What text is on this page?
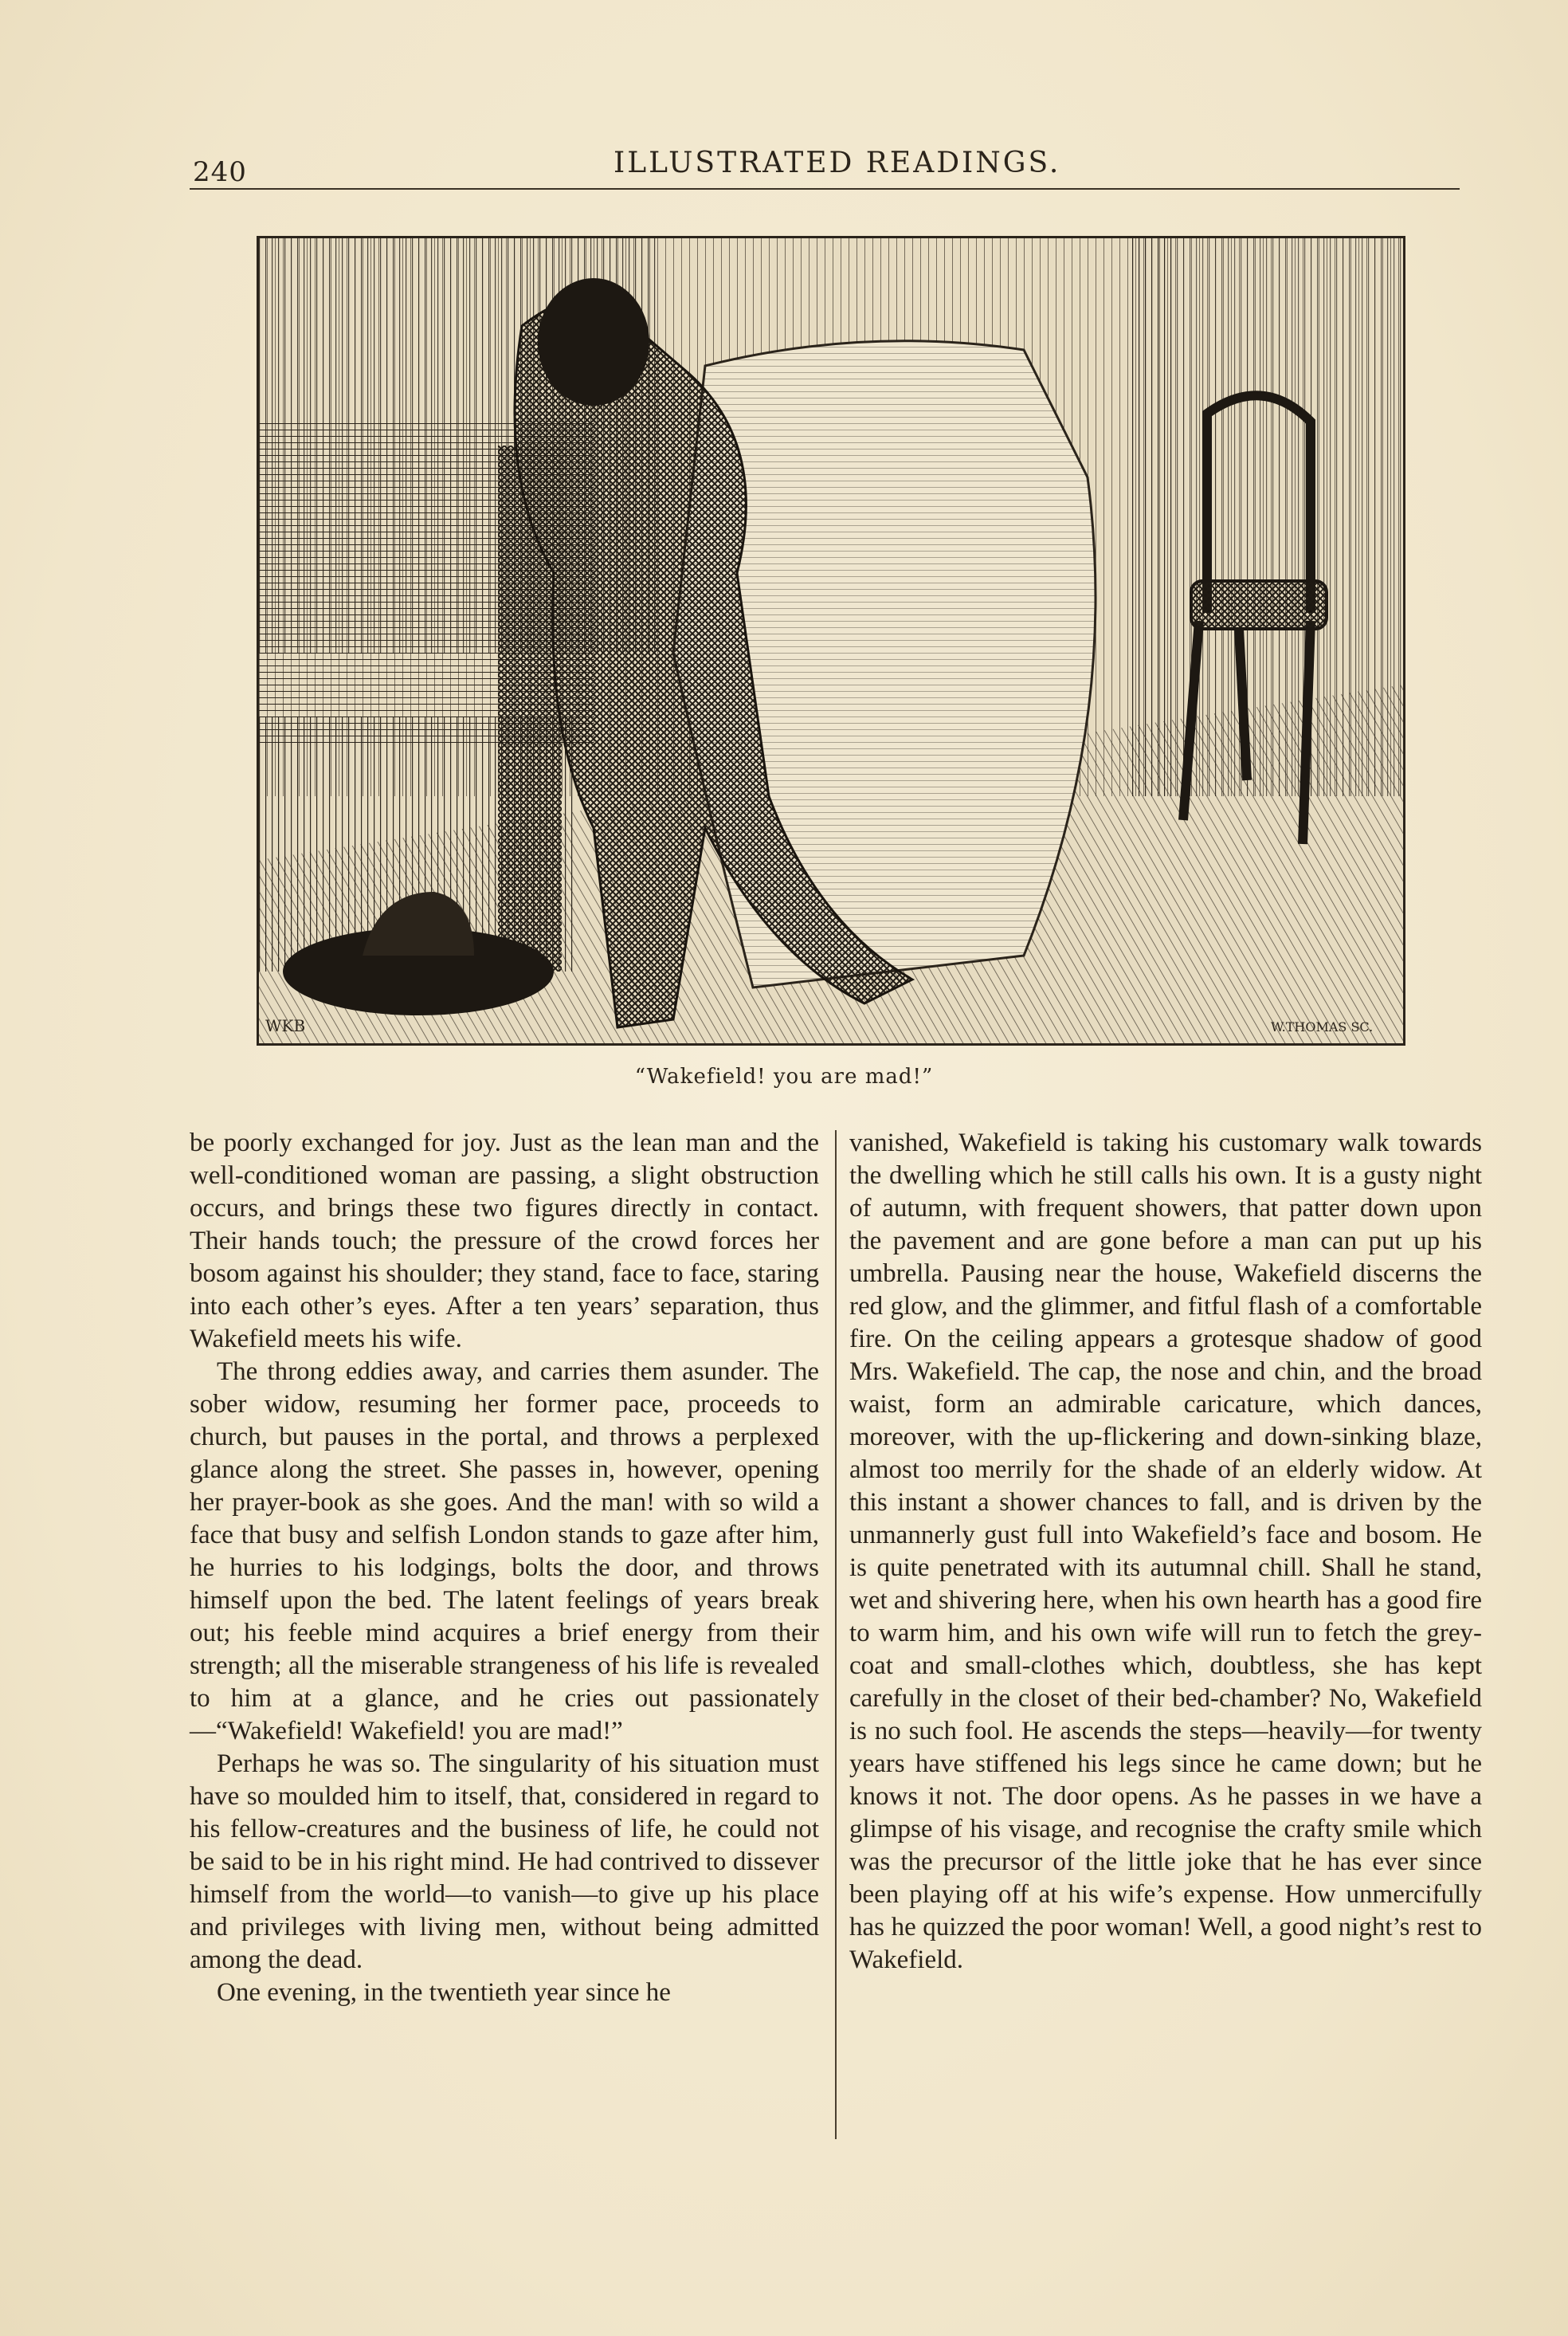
240	ILLUSTRATED READINGS.
WKB	W.THOMAS SC.
“Wakefield! you are mad!”

be poorly exchanged for joy. Just as the lean man and the well-conditioned woman are passing, a slight obstruction occurs, and brings these two figures directly in contact. Their hands touch; the pressure of the crowd forces her bosom against his shoulder; they stand, face to face, staring into each other’s eyes. After a ten years’ separation, thus Wakefield meets his wife.

The throng eddies away, and carries them asunder. The sober widow, resuming her former pace, proceeds to church, but pauses in the portal, and throws a perplexed glance along the street. She passes in, however, opening her prayer-book as she goes. And the man! with so wild a face that busy and selfish London stands to gaze after him, he hurries to his lodgings, bolts the door, and throws himself upon the bed. The latent feelings of years break out; his feeble mind acquires a brief energy from their strength; all the miserable strangeness of his life is revealed to him at a glance, and he cries out passionately—“Wakefield! Wakefield! you are mad!”

Perhaps he was so. The singularity of his situation must have so moulded him to itself, that, considered in regard to his fellow-creatures and the business of life, he could not be said to be in his right mind. He had contrived to dissever himself from the world—to vanish—to give up his place and privileges with living men, without being admitted among the dead.

One evening, in the twentieth year since he

vanished, Wakefield is taking his customary walk towards the dwelling which he still calls his own. It is a gusty night of autumn, with frequent showers, that patter down upon the pavement and are gone before a man can put up his umbrella. Pausing near the house, Wakefield discerns the red glow, and the glimmer, and fitful flash of a comfortable fire. On the ceiling appears a grotesque shadow of good Mrs. Wakefield. The cap, the nose and chin, and the broad waist, form an admirable caricature, which dances, moreover, with the up-flickering and down-sinking blaze, almost too merrily for the shade of an elderly widow. At this instant a shower chances to fall, and is driven by the unmannerly gust full into Wakefield’s face and bosom. He is quite penetrated with its autumnal chill. Shall he stand, wet and shivering here, when his own hearth has a good fire to warm him, and his own wife will run to fetch the grey-coat and small-clothes which, doubtless, she has kept carefully in the closet of their bed-chamber? No, Wakefield is no such fool. He ascends the steps—heavily—for twenty years have stiffened his legs since he came down; but he knows it not. The door opens. As he passes in we have a glimpse of his visage, and recognise the crafty smile which was the precursor of the little joke that he has ever since been playing off at his wife’s expense. How unmercifully has he quizzed the poor woman! Well, a good night’s rest to Wakefield.
